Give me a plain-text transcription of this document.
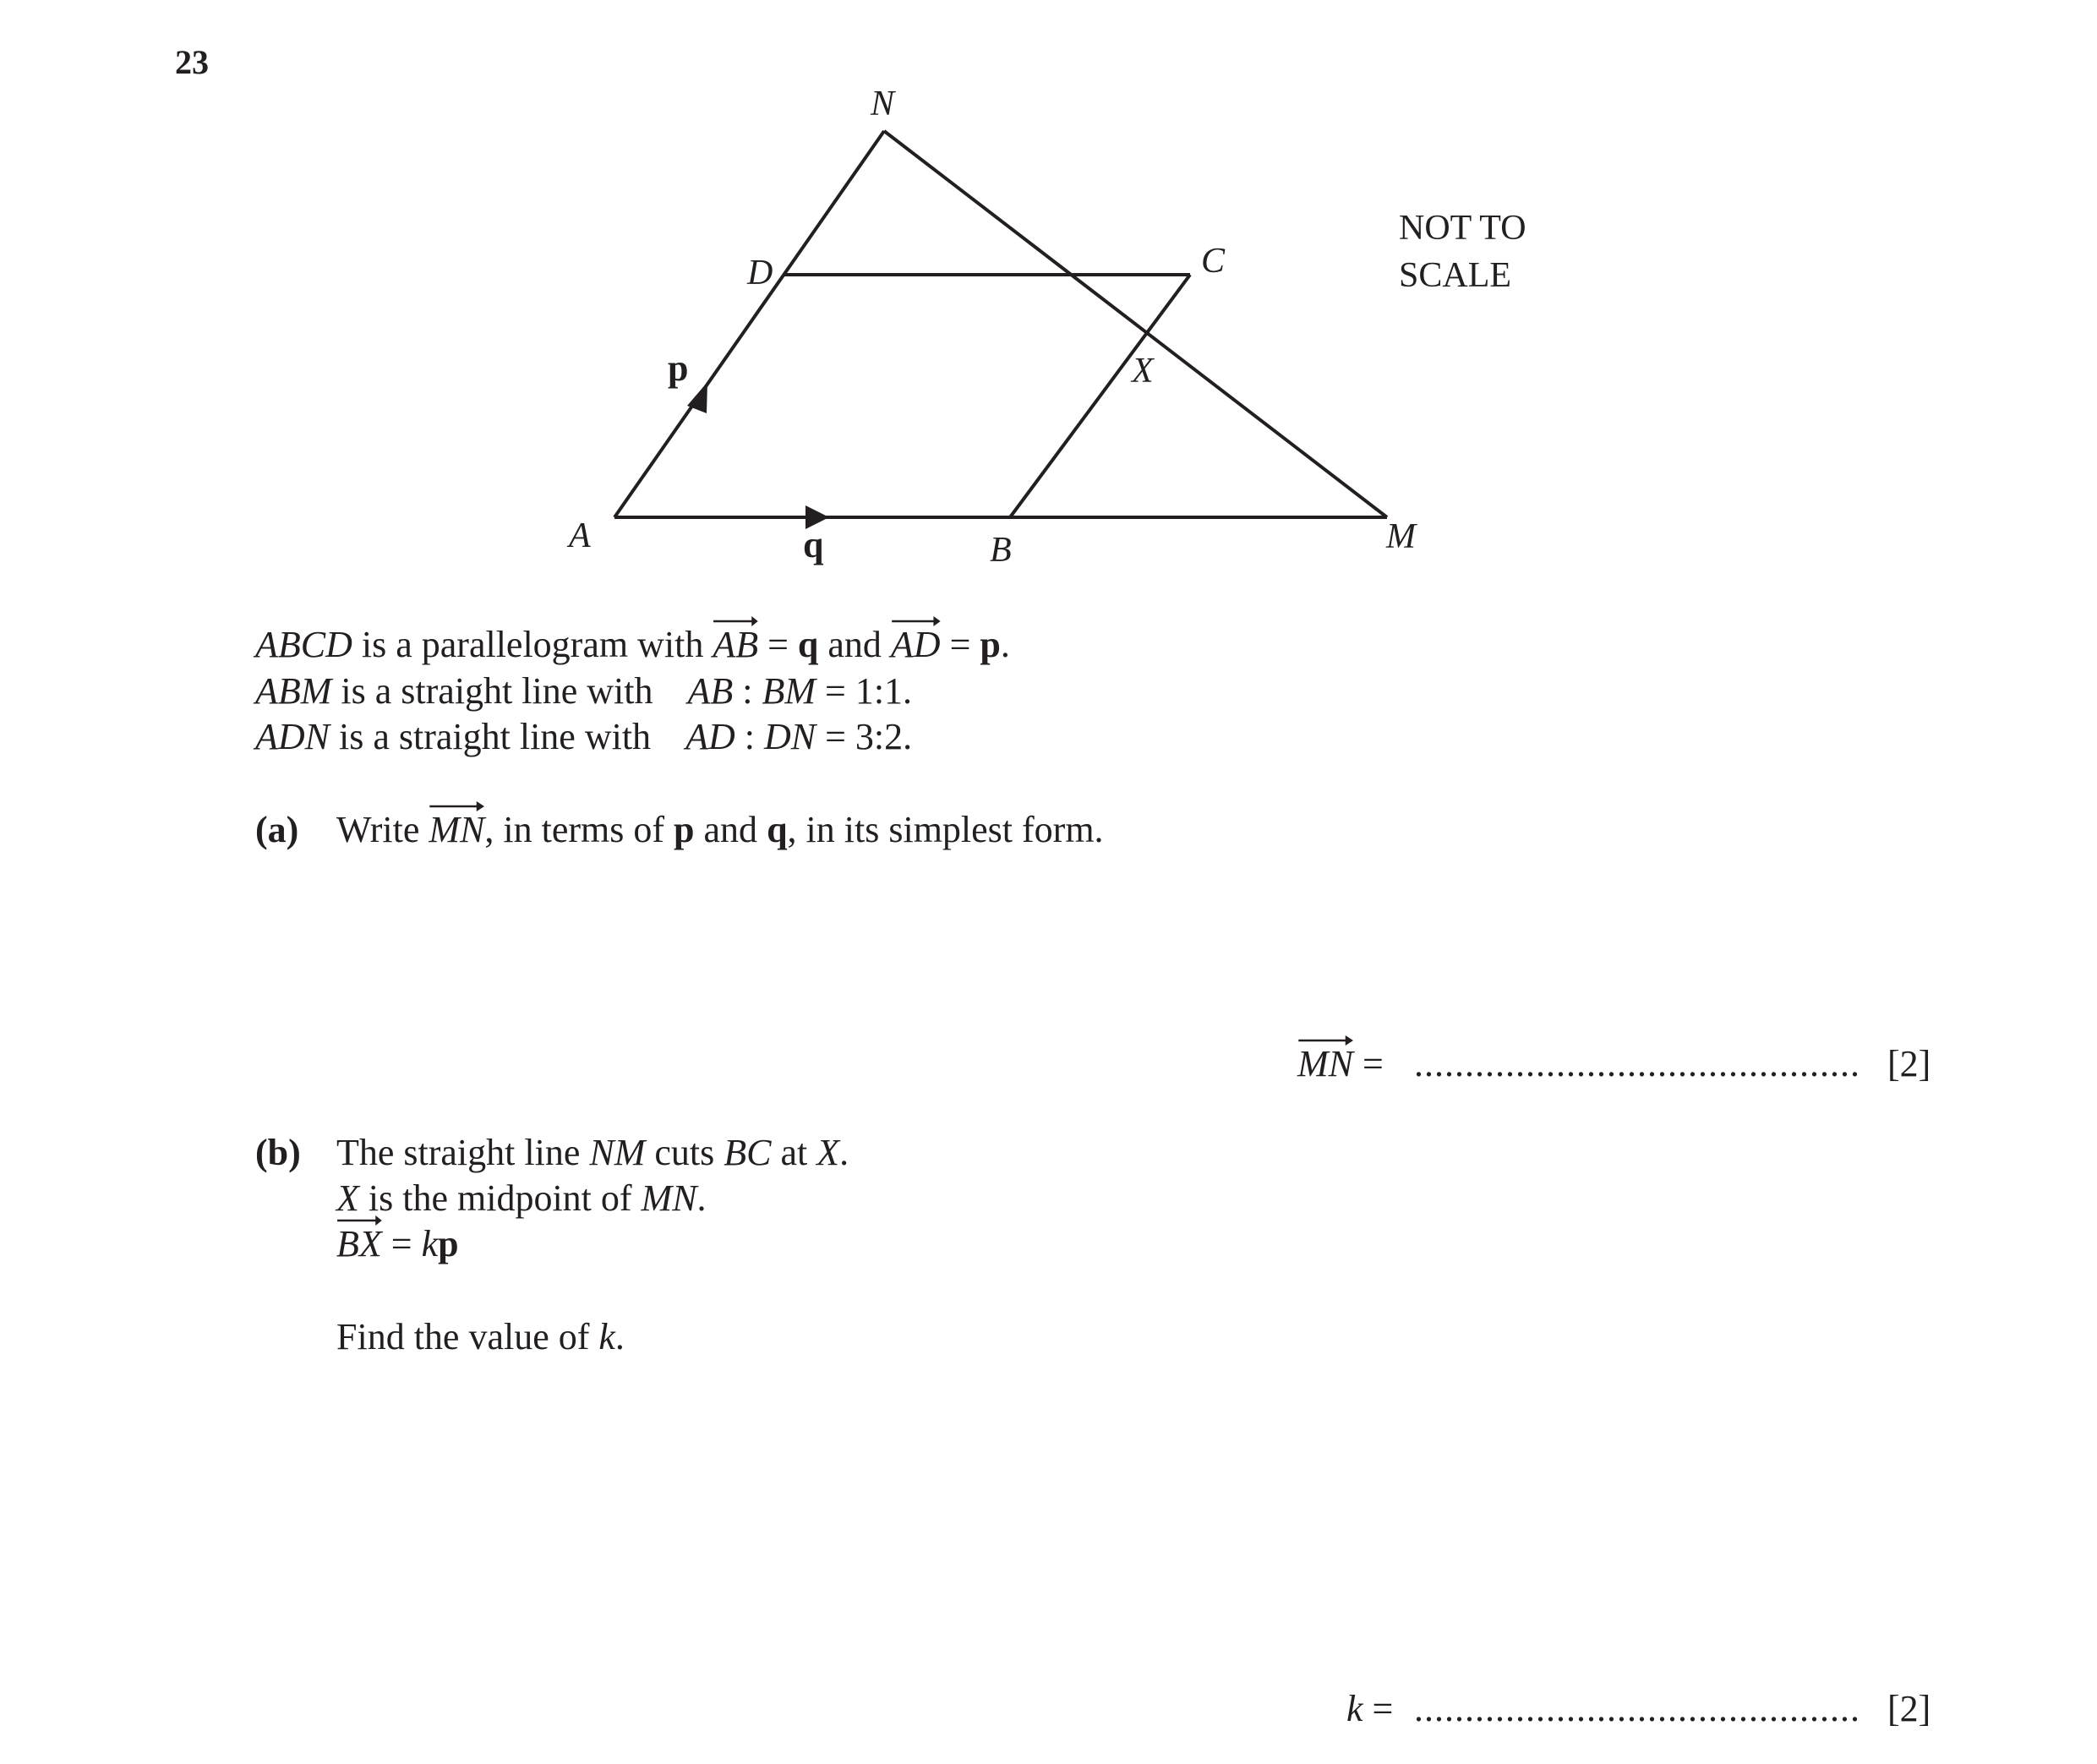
23
N
D	C
X
A	B	M
p
q
NOT TO
SCALE
ABCD is a parallelogram with
AB = q and
AD = p.
ABM is a straight line with AB : BM = 1:1.
ADN is a straight line with AD : DN = 3:2.
(a) Write
MN, in terms of p and q, in its simplest form.
MN = ............................................ [2]
(b) The straight line NM cuts BC at X.
X is the midpoint of MN.
BX = kp
Find the value of k.
k = ............................................ [2]
